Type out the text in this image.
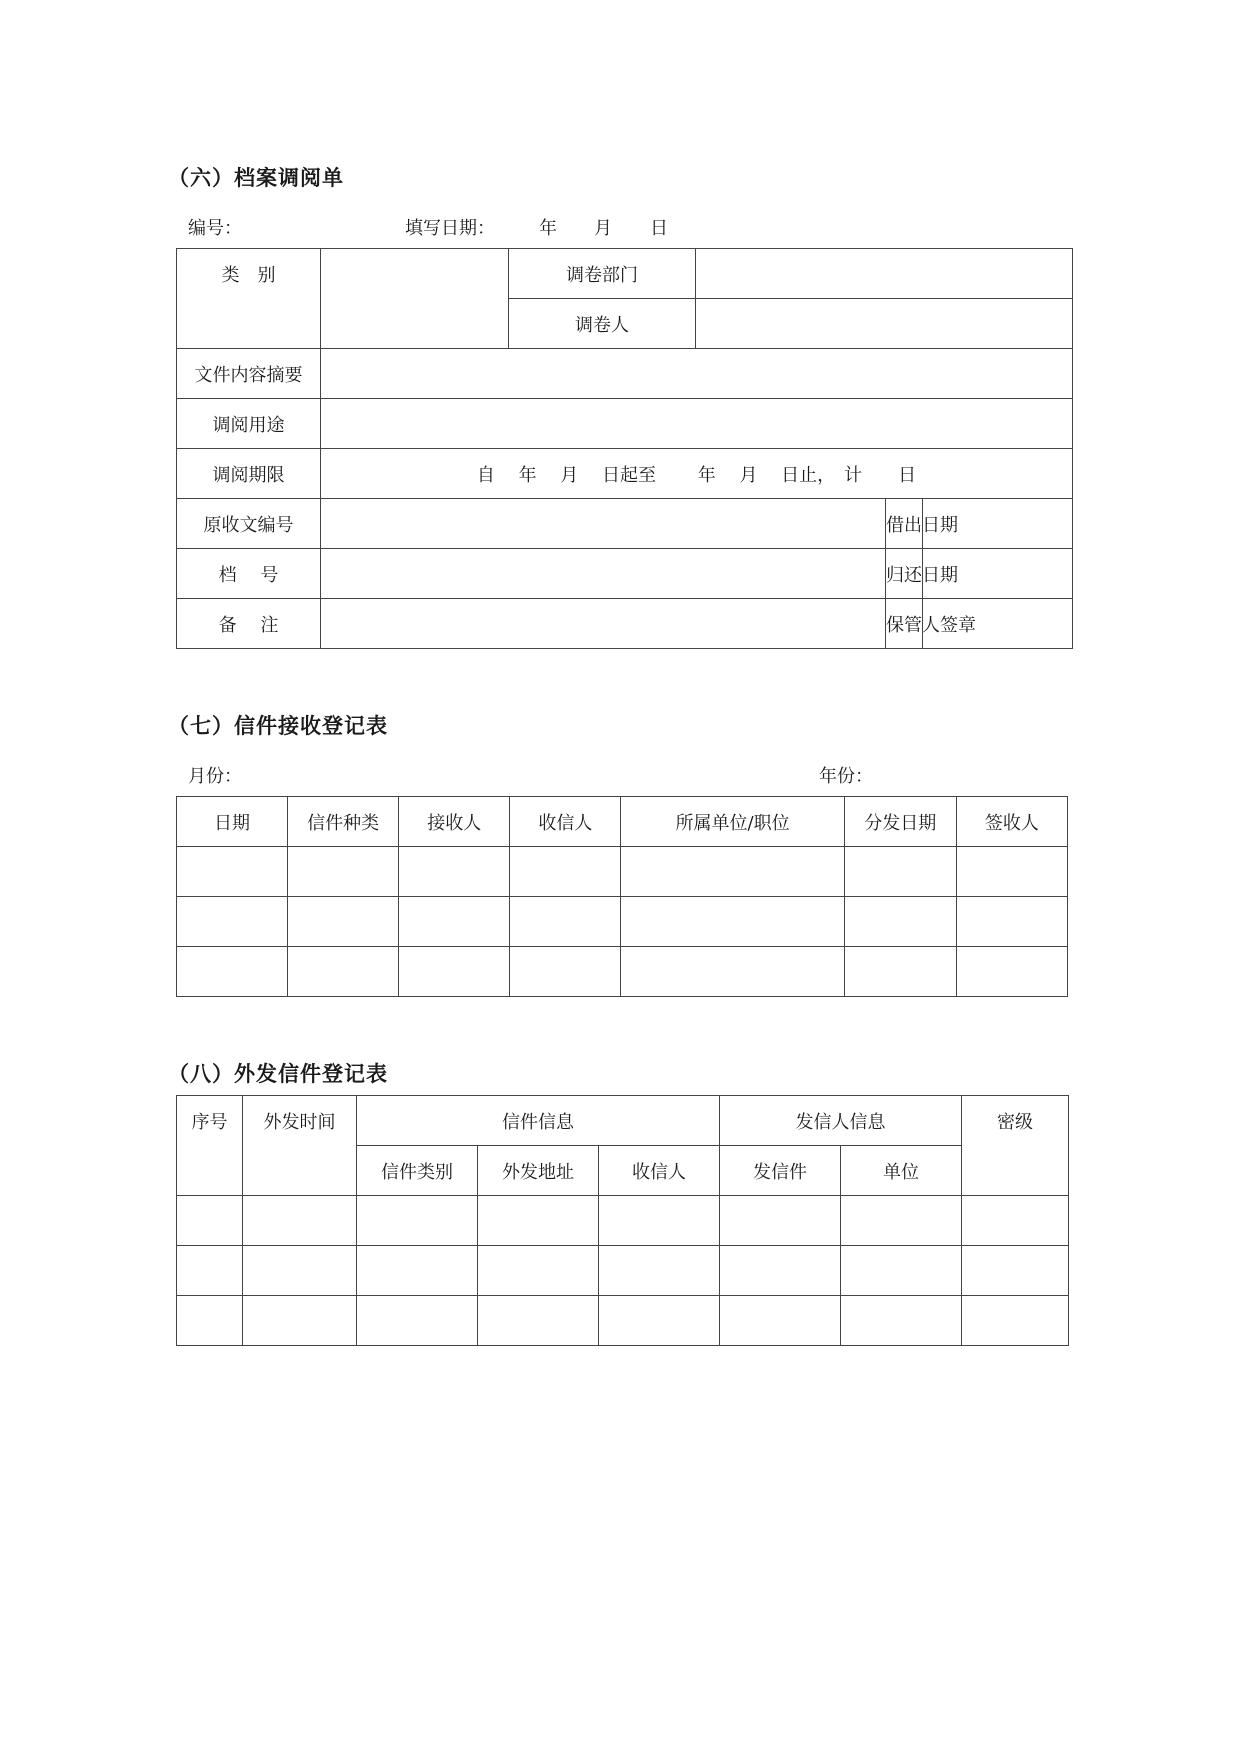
（六）档案调阅单
编号：	填写日期： 年 月 日
类　别		调卷部门			
		调卷人			
文件内容摘要					
调阅用途					
调阅期限	自　 年　 月　 日起至　 　年　 月　 日止，　计　　日				
原收文编号				借出日期	
档　 号				归还日期	
备　 注				保管人签章	
（七）信件接收登记表
月份：	年份：
日期	信件种类	接收人	收信人	所属单位/职位	分发日期	签收人

（八）外发信件登记表
序号	外发时间	信件信息			发信人信息		密级
		信件类别	外发地址	收信人	发信件	单位	
